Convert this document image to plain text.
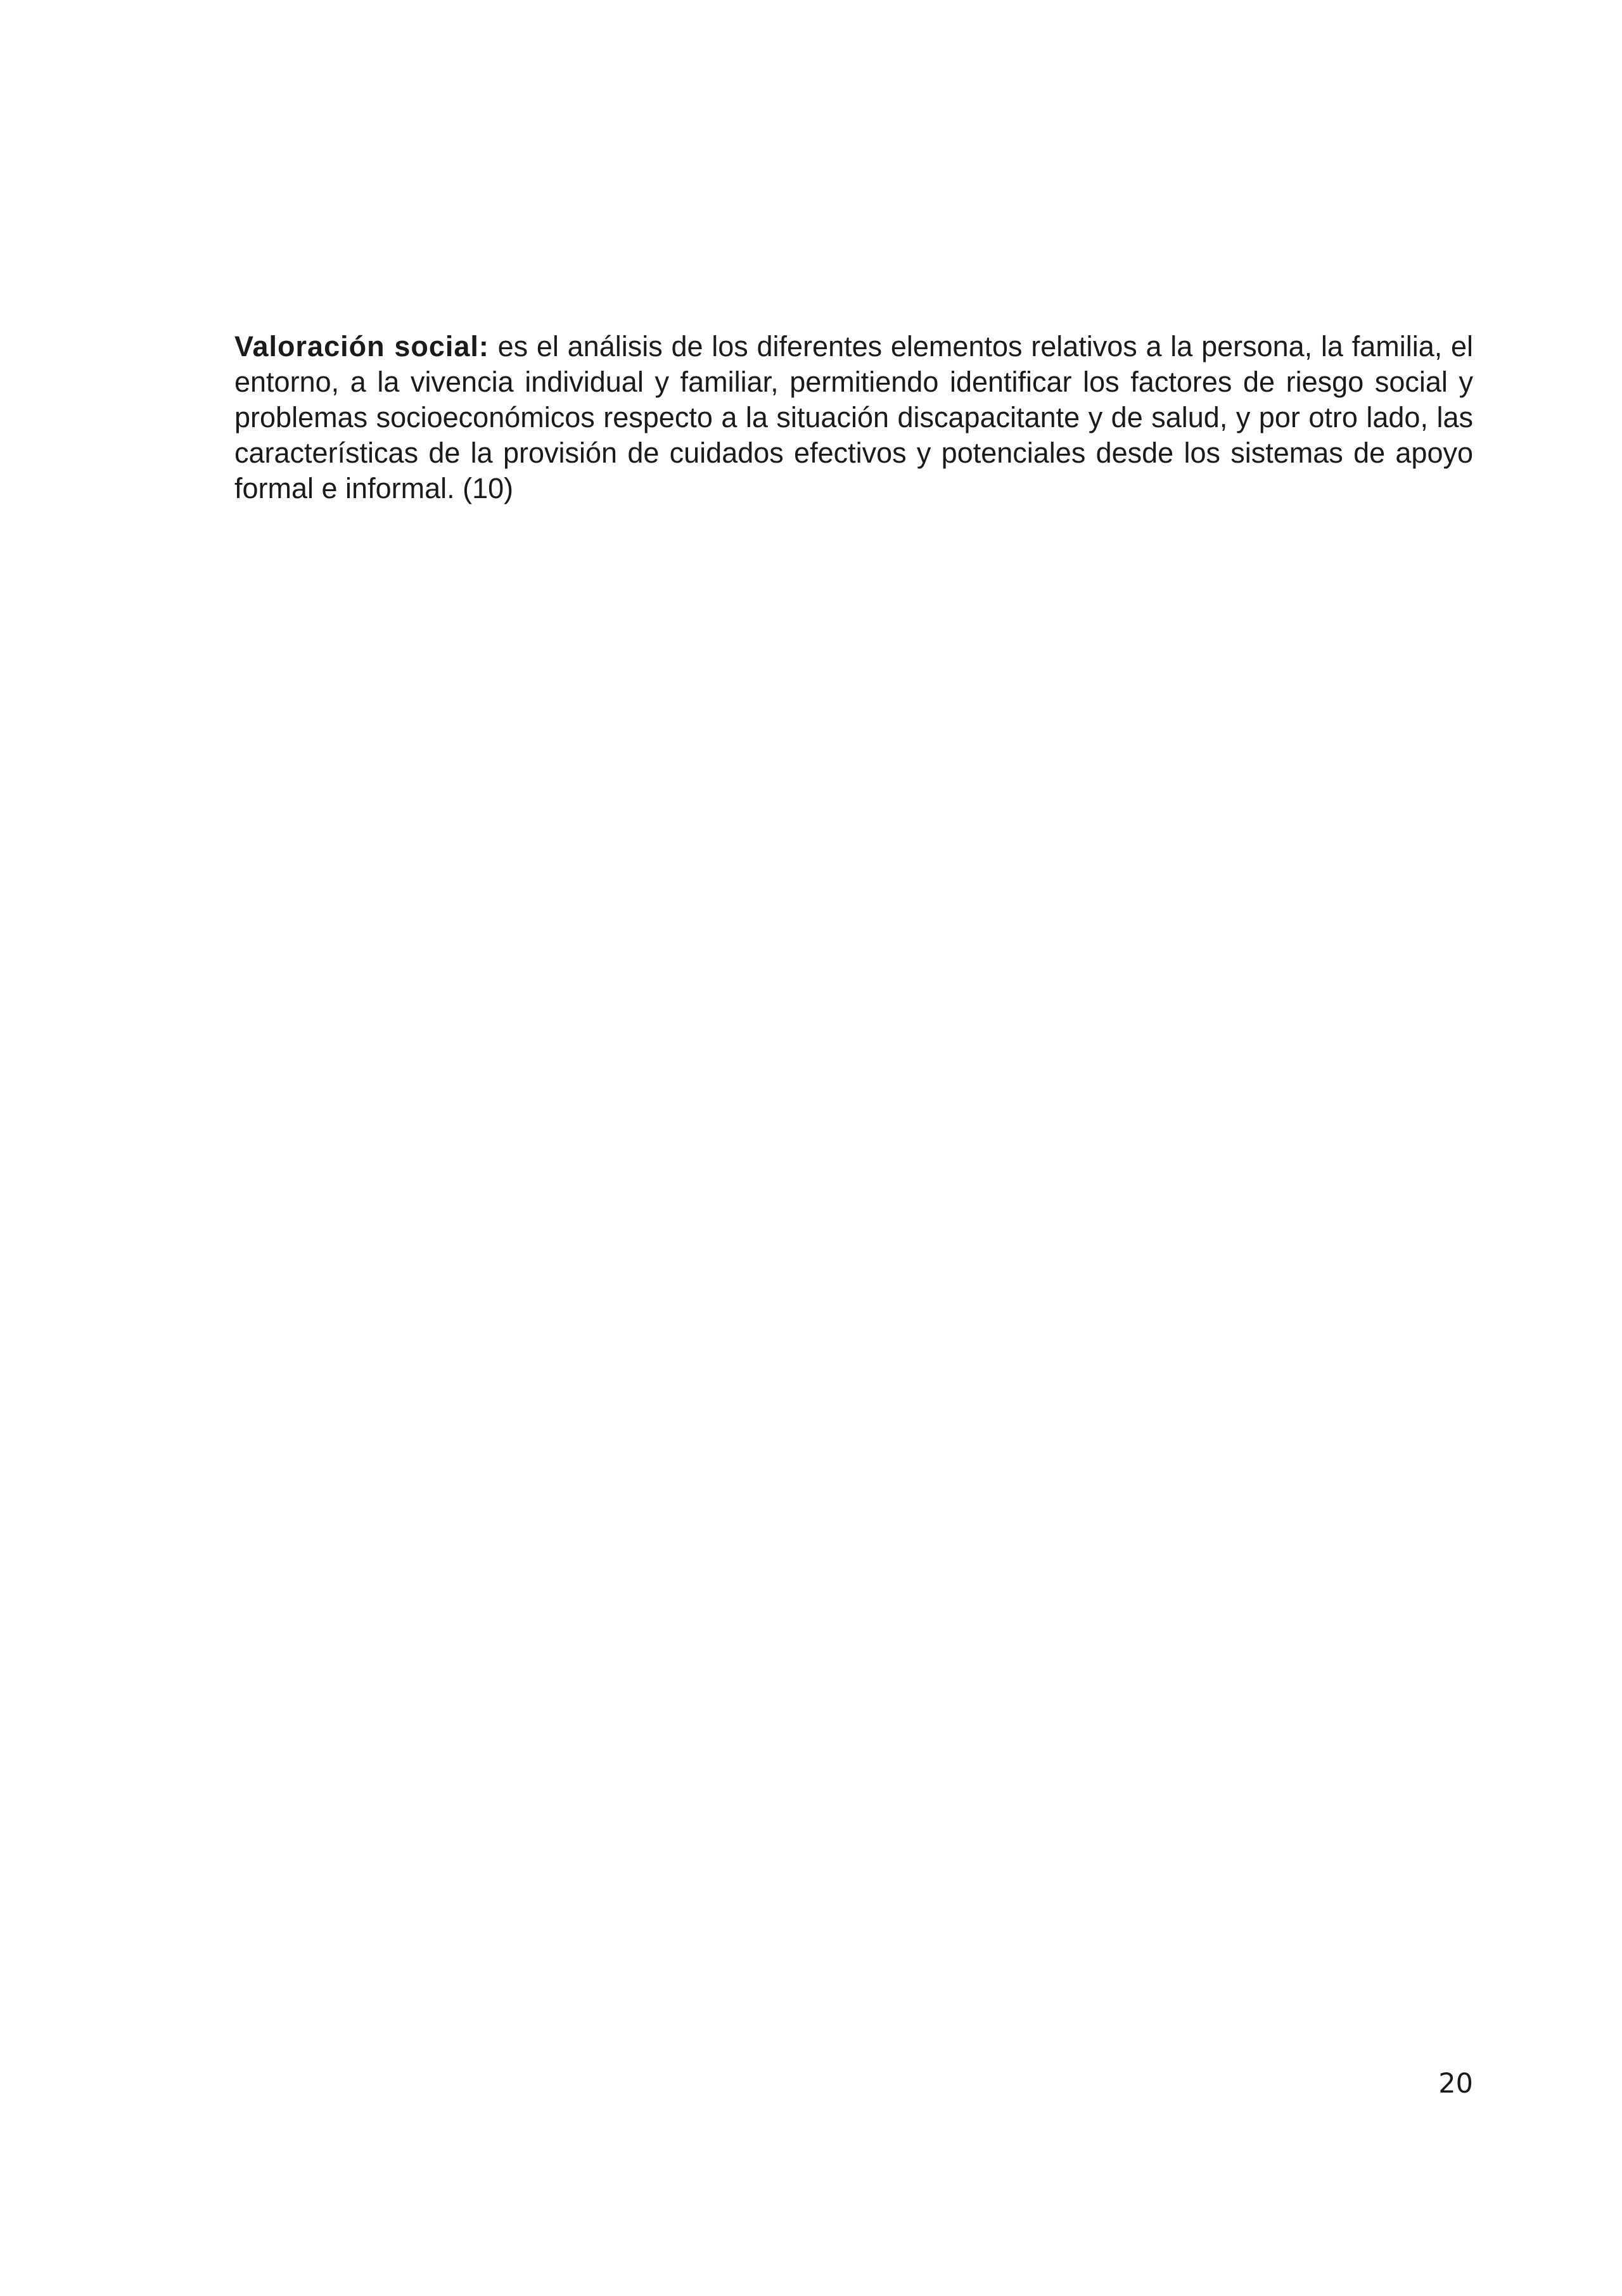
Valoración social: es el análisis de los diferentes elementos relativos a la persona, la familia, el entorno, a la vivencia individual y familiar, permitiendo identificar los factores de riesgo social y problemas socioeconómicos respecto a la situación discapacitante y de salud, y por otro lado, las características de la provisión de cuidados efectivos y potenciales desde los sistemas de apoyo formal e informal. (10)

20
